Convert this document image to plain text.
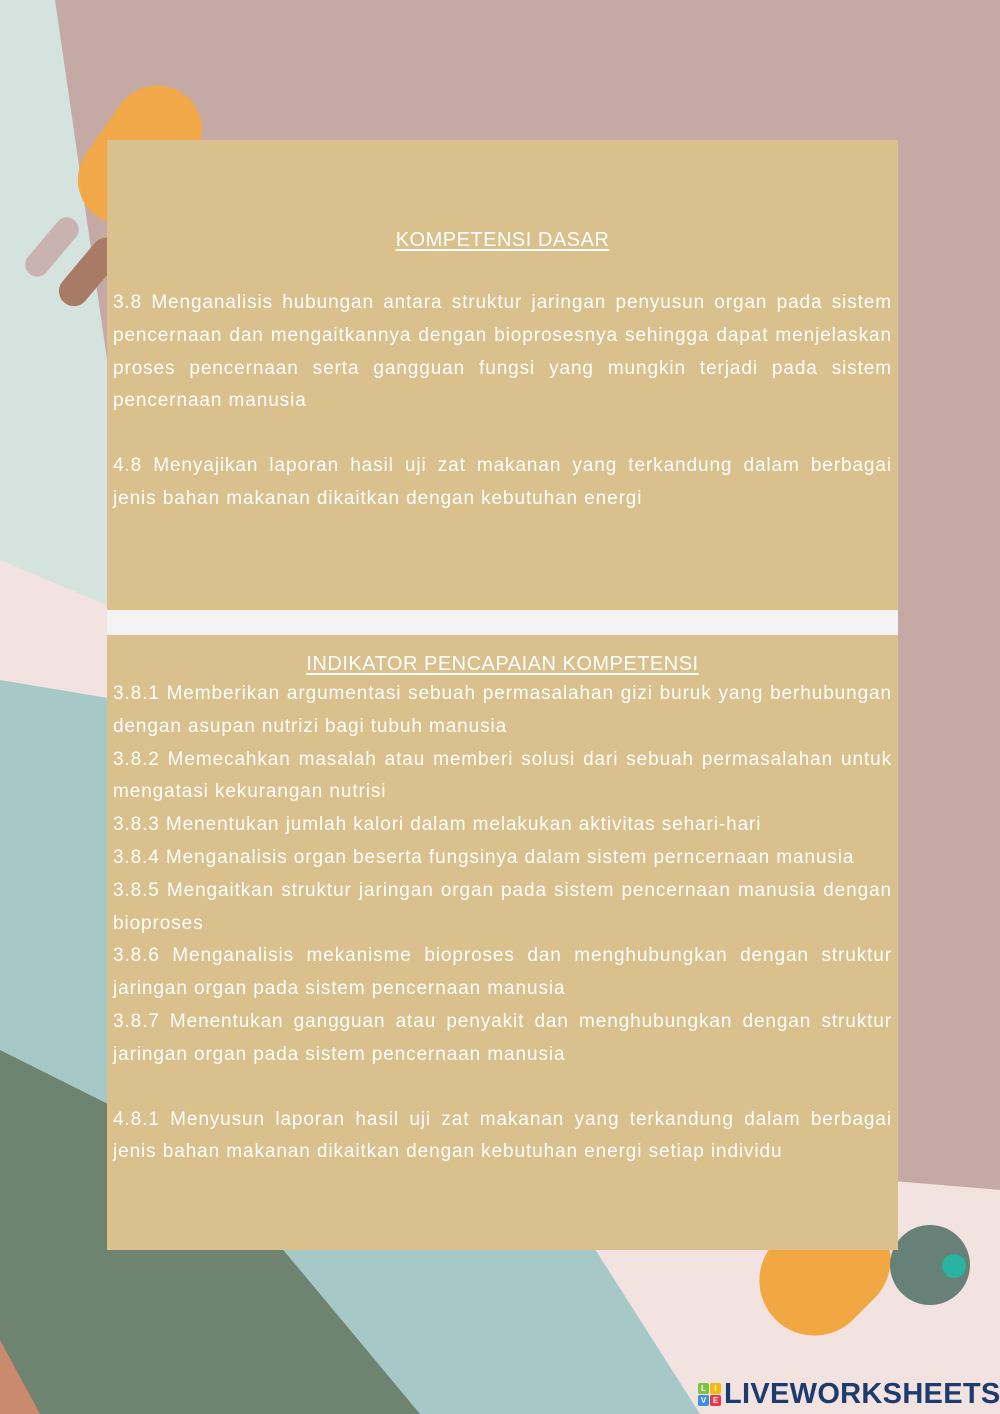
KOMPETENSI DASAR

3.8 Menganalisis hubungan antara struktur jaringan penyusun organ pada sistem pencernaan dan mengaitkannya dengan bioprosesnya sehingga dapat menjelaskan proses pencernaan serta gangguan fungsi yang mungkin terjadi pada sistem pencernaan manusia

4.8 Menyajikan laporan hasil uji zat makanan yang terkandung dalam berbagai jenis bahan makanan dikaitkan dengan kebutuhan energi

INDIKATOR PENCAPAIAN KOMPETENSI

3.8.1 Memberikan argumentasi sebuah permasalahan gizi buruk yang berhubungan dengan asupan nutrizi bagi tubuh manusia

3.8.2 Memecahkan masalah atau memberi solusi dari sebuah permasalahan untuk mengatasi kekurangan nutrisi

3.8.3 Menentukan jumlah kalori dalam melakukan aktivitas sehari-hari

3.8.4 Menganalisis organ beserta fungsinya dalam sistem perncernaan manusia

3.8.5 Mengaitkan struktur jaringan organ pada sistem pencernaan manusia dengan bioproses

3.8.6 Menganalisis mekanisme bioproses dan menghubungkan dengan struktur jaringan organ pada sistem pencernaan manusia

3.8.7 Menentukan gangguan atau penyakit dan menghubungkan dengan struktur jaringan organ pada sistem pencernaan manusia

4.8.1 Menyusun laporan hasil uji zat makanan yang terkandung dalam berbagai jenis bahan makanan dikaitkan dengan kebutuhan energi setiap individu

L	I
V E LIVEWORKSHEETS
